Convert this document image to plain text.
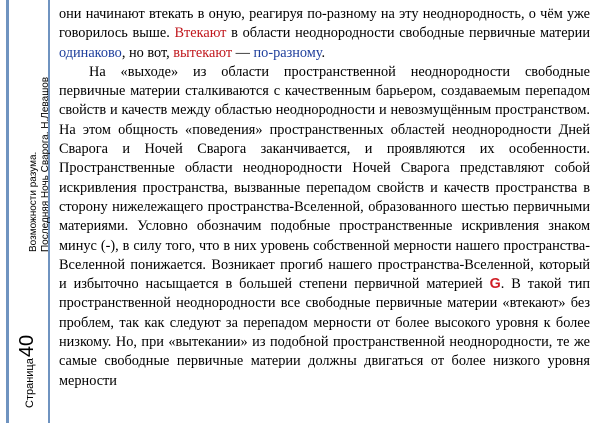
Возможности разума. Последняя Ночь Сварога. Н.Левашов
Страница
40

они начинают втекать в оную, реагируя по-разному на эту неоднородность, о чём уже говорилось выше. Втекают в области неоднородности свободные первичные материи одинаково, но вот, вытекают — по-разному.

На «выходе» из области пространственной неоднородности свободные первичные материи сталкиваются с качественным барьером, создаваемым перепадом свойств и качеств между областью неоднородности и невозмущённым пространством. На этом общность «поведения» пространственных областей неоднородности Дней Сварога и Ночей Сварога заканчивается, и проявляются их особенности. Пространственные области неоднородности Ночей Сварога представляют собой искривления пространства, вызванные перепадом свойств и качеств пространства в сторону нижележащего пространства-Вселенной, образованного шестью первичными материями. Условно обозначим подобные пространственные искривления знаком минус (-), в силу того, что в них уровень собственной мерности нашего пространства-Вселенной понижается. Возникает прогиб нашего пространства-Вселенной, который и избыточно насыщается в большей степени первичной материей G. В такой тип пространственной неоднородности все свободные первичные материи «втекают» без проблем, так как следуют за перепадом мерности от более высокого уровня к более низкому. Но, при «вытекании» из подобной пространственной неоднородности, те же самые свободные первичные материи должны двигаться от более низкого уровня мерности
